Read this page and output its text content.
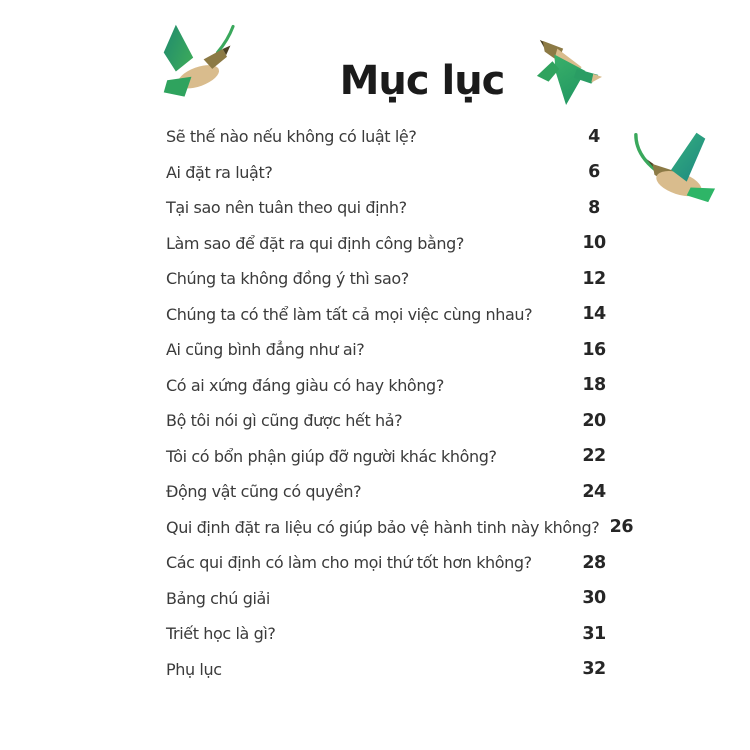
Mục lục
Sẽ thế nào nếu không có luật lệ?	4
Ai đặt ra luật?	6
Tại sao nên tuân theo qui định?	8
Làm sao để đặt ra qui định công bằng?	10
Chúng ta không đồng ý thì sao?	12
Chúng ta có thể làm tất cả mọi việc cùng nhau?	14
Ai cũng bình đẳng như ai?	16
Có ai xứng đáng giàu có hay không?	18
Bộ tôi nói gì cũng được hết hả?	20
Tôi có bổn phận giúp đỡ người khác không?	22
Động vật cũng có quyền?	24
Qui định đặt ra liệu có giúp bảo vệ hành tinh này không? 26
Các qui định có làm cho mọi thứ tốt hơn không?	28
Bảng chú giải	30
Triết học là gì?	31
Phụ lục	32
